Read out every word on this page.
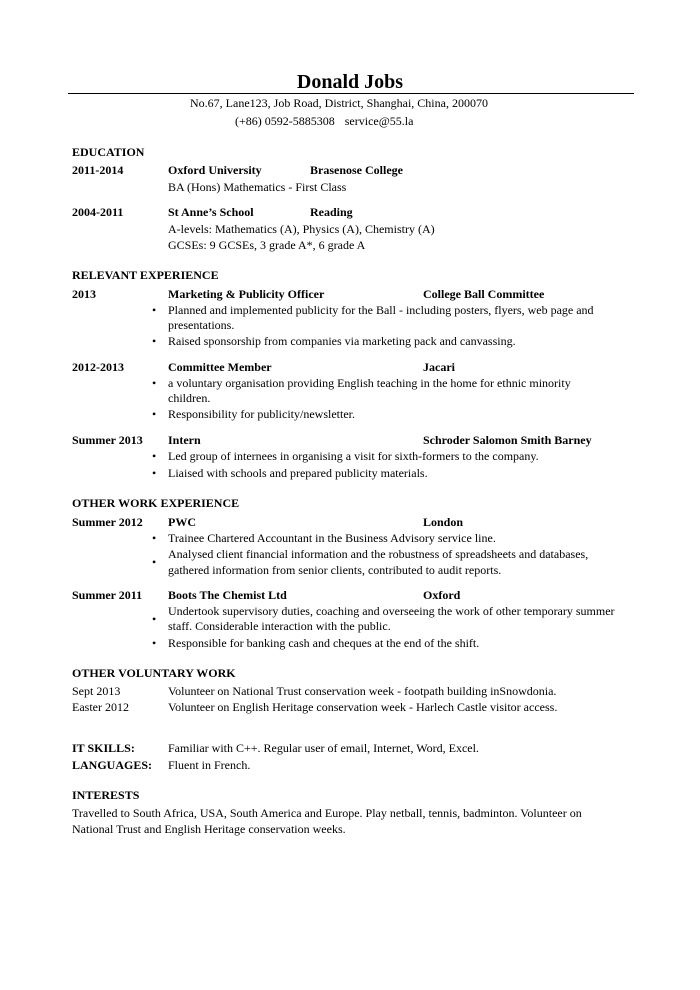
Donald Jobs
No.67, Lane123, Job Road, District, Shanghai, China, 200070
(+86) 0592-5885308 service@55.la
EDUCATION
2011-2014	Oxford University	Brasenose College
BA (Hons) Mathematics - First Class
2004-2011	St Anne’s School	Reading
A-levels: Mathematics (A), Physics (A), Chemistry (A)
GCSEs: 9 GCSEs, 3 grade A*, 6 grade A
RELEVANT EXPERIENCE
2013	Marketing & Publicity Officer	College Ball Committee
• Planned and implemented publicity for the Ball - including posters, flyers, web page and
presentations.
• Raised sponsorship from companies via marketing pack and canvassing.
2012-2013	Committee Member	Jacari
• a voluntary organisation providing English teaching in the home for ethnic minority
children.
• Responsibility for publicity/newsletter.
Summer 2013 Intern	Schroder Salomon Smith Barney
• Led group of internees in organising a visit for sixth-formers to the company.
• Liaised with schools and prepared publicity materials.
OTHER WORK EXPERIENCE
Summer 2012 PWC	London
• Trainee Chartered Accountant in the Business Advisory service line.
•
Analysed client financial information and the robustness of spreadsheets and databases,
gathered information from senior clients, contributed to audit reports.
Summer 2011 Boots The Chemist Ltd	Oxford
•
Undertook supervisory duties, coaching and overseeing the work of other temporary summer
staff. Considerable interaction with the public.
• Responsible for banking cash and cheques at the end of the shift.
OTHER VOLUNTARY WORK
Sept 2013	Volunteer on National Trust conservation week - footpath building inSnowdonia.
Easter 2012	Volunteer on English Heritage conservation week - Harlech Castle visitor access.
IT SKILLS:	Familiar with C++. Regular user of email, Internet, Word, Excel.
LANGUAGES: Fluent in French.
INTERESTS
Travelled to South Africa, USA, South America and Europe. Play netball, tennis, badminton. Volunteer on
National Trust and English Heritage conservation weeks.
